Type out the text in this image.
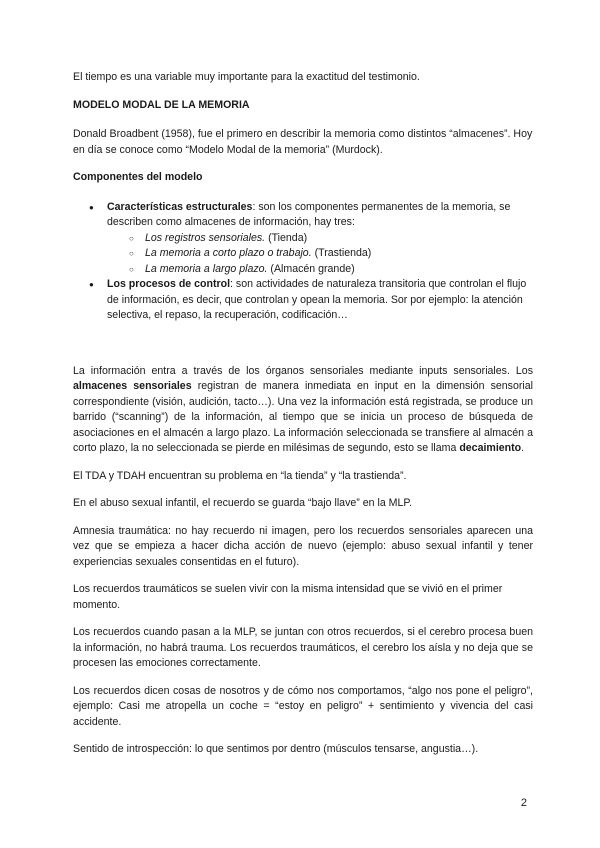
El tiempo es una variable muy importante para la exactitud del testimonio.

MODELO MODAL DE LA MEMORIA

Donald Broadbent (1958), fue el primero en describir la memoria como distintos “almacenes”. Hoy en día se conoce como “Modelo Modal de la memoria” (Murdock).

Componentes del modelo

● Características estructurales: son los componentes permanentes de la memoria, se describen como almacenes de información, hay tres:
○ Los registros sensoriales. (Tienda)
○ La memoria a corto plazo o trabajo. (Trastienda)
○ La memoria a largo plazo. (Almacén grande)
● Los procesos de control: son actividades de naturaleza transitoria que controlan el flujo de información, es decir, que controlan y opean la memoria. Sor por ejemplo: la atención selectiva, el repaso, la recuperación, codificación…

La información entra a través de los órganos sensoriales mediante inputs sensoriales. Los almacenes sensoriales registran de manera inmediata en input en la dimensión sensorial correspondiente (visión, audición, tacto…). Una vez la información está registrada, se produce un barrido (“scanning”) de la información, al tiempo que se inicia un proceso de búsqueda de asociaciones en el almacén a largo plazo. La información seleccionada se transfiere al almacén a corto plazo, la no seleccionada se pierde en milésimas de segundo, esto se llama decaimiento.

El TDA y TDAH encuentran su problema en “la tienda” y “la trastienda”.

En el abuso sexual infantil, el recuerdo se guarda “bajo llave” en la MLP.

Amnesia traumática: no hay recuerdo ni imagen, pero los recuerdos sensoriales aparecen una vez que se empieza a hacer dicha acción de nuevo (ejemplo: abuso sexual infantil y tener experiencias sexuales consentidas en el futuro).

Los recuerdos traumáticos se suelen vivir con la misma intensidad que se vivió en el primer momento.

Los recuerdos cuando pasan a la MLP, se juntan con otros recuerdos, si el cerebro procesa buen la información, no habrá trauma. Los recuerdos traumáticos, el cerebro los aísla y no deja que se procesen las emociones correctamente.

Los recuerdos dicen cosas de nosotros y de cómo nos comportamos, “algo nos pone el peligro”, ejemplo: Casi me atropella un coche = “estoy en peligro” + sentimiento y vivencia del casi accidente.

Sentido de introspección: lo que sentimos por dentro (músculos tensarse, angustia…).

2
